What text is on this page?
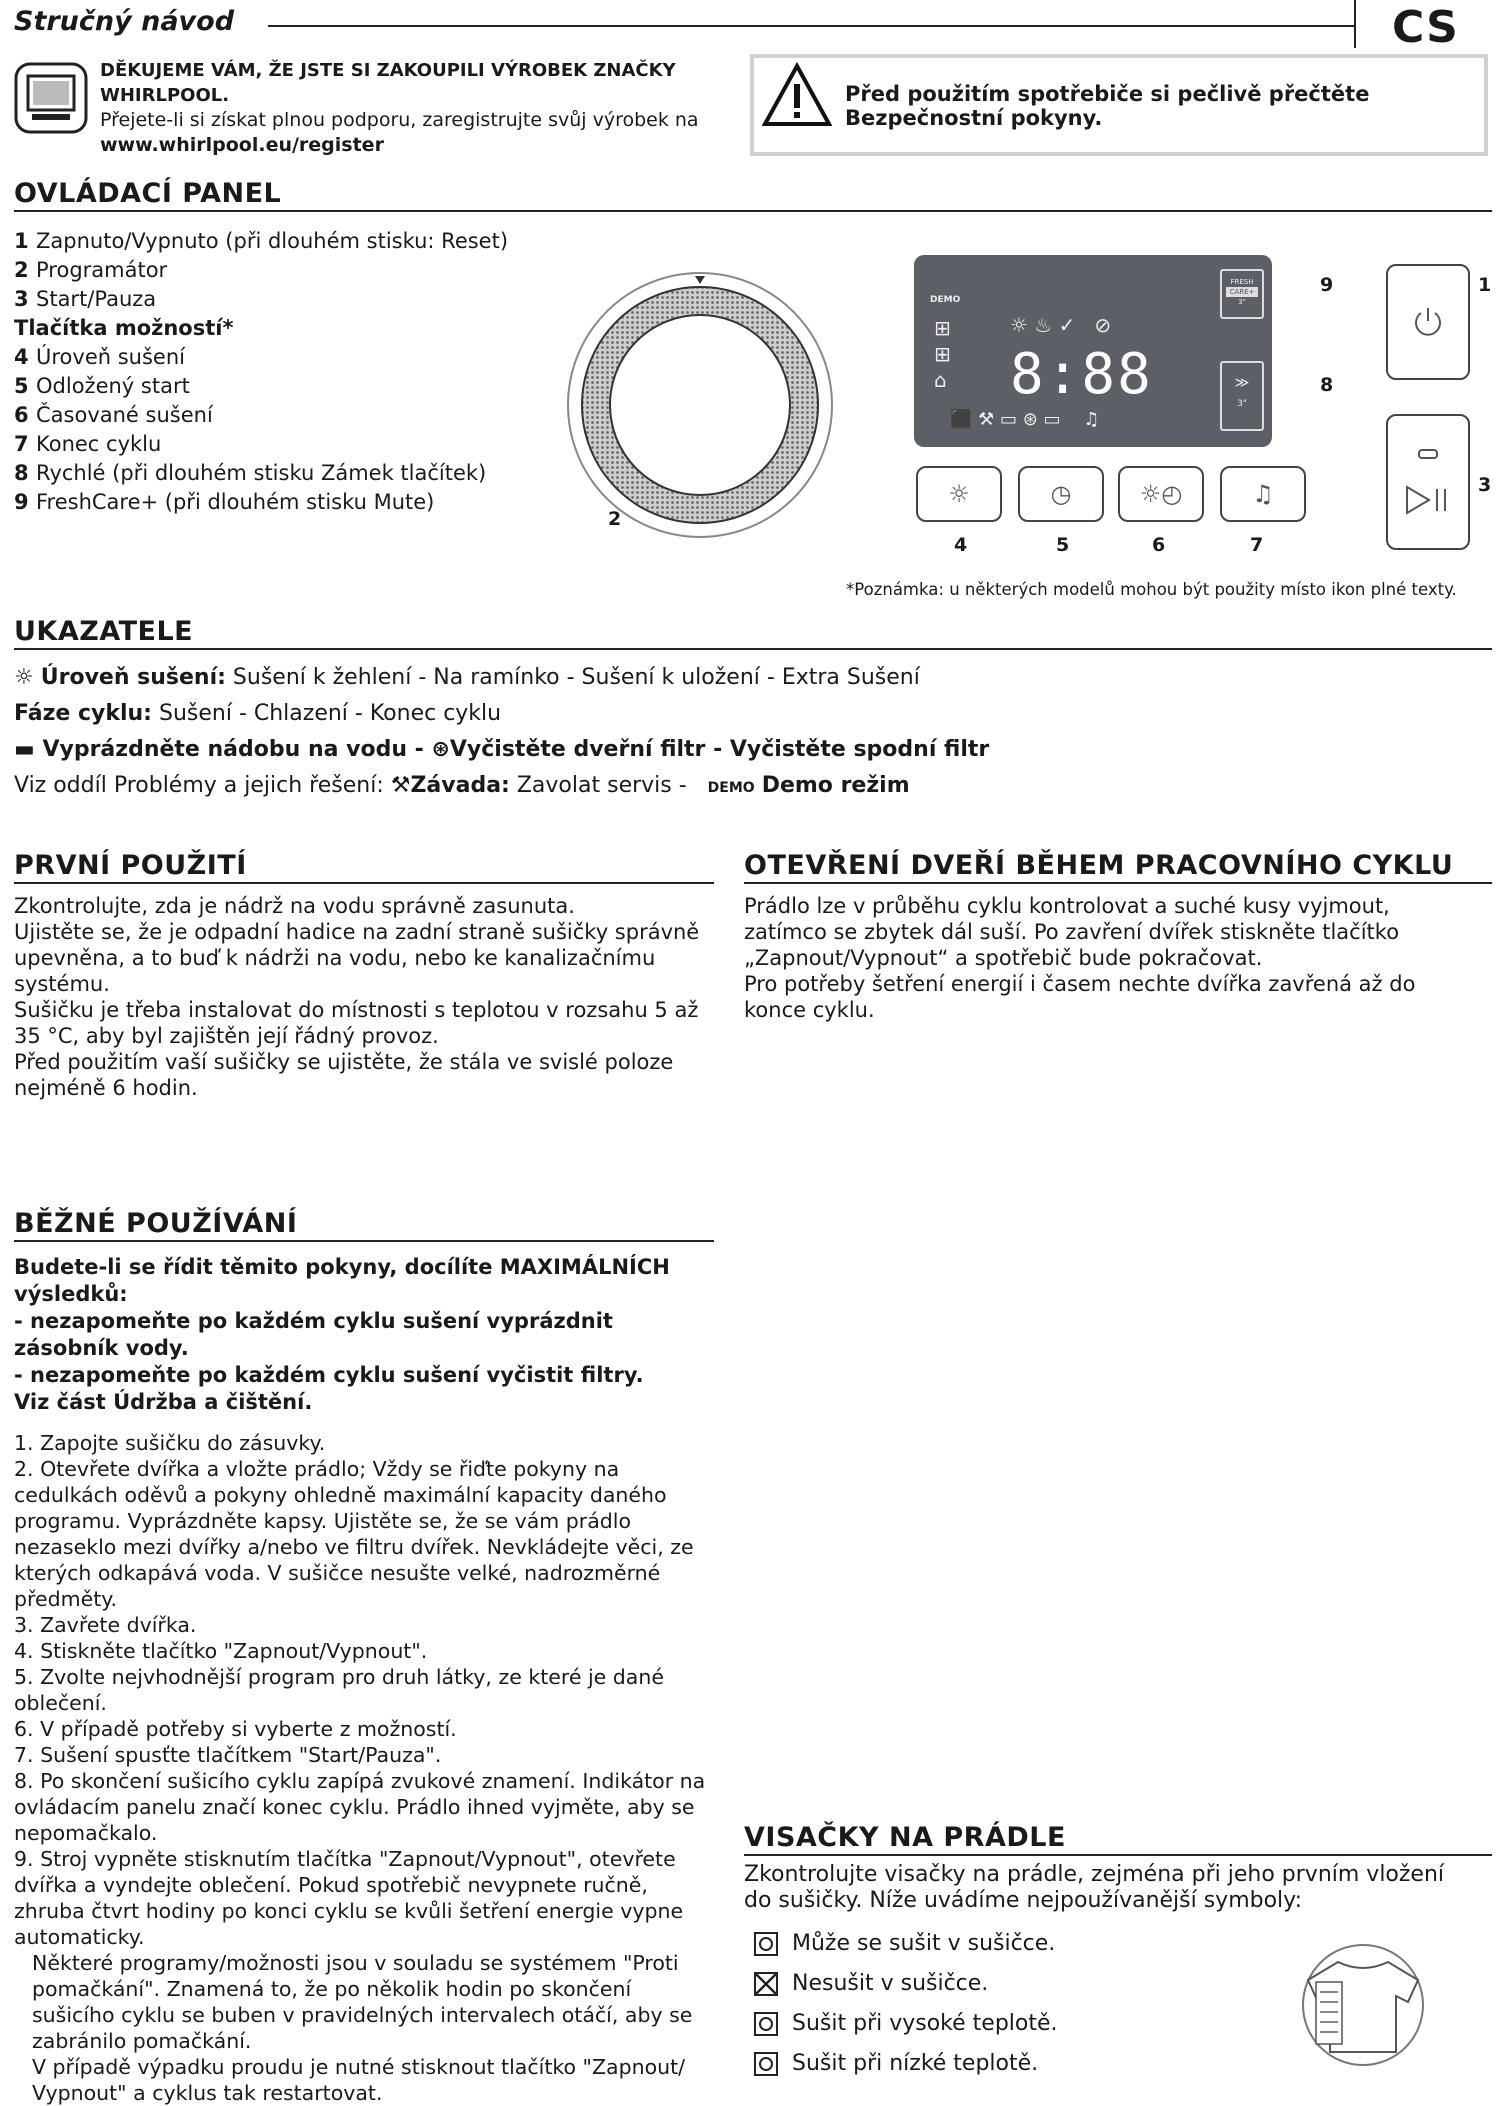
Stručný návod	CS
DĚKUJEME VÁM, ŽE JSTE SI ZAKOUPILI VÝROBEK ZNAČKY WHIRLPOOL.
Přejete-li si získat plnou podporu, zaregistrujte svůj výrobek na
www.whirlpool.eu/register
Před použitím spotřebiče si pečlivě přečtěte Bezpečnostní pokyny.
OVLÁDACÍ PANEL
1 Zapnuto/Vypnuto (při dlouhém stisku: Reset)
2 Programátor
3 Start/Pauza
Tlačítka možností*
4 Úroveň sušení
5 Odložený start
6 Časované sušení
7 Konec cyklu
8 Rychlé (při dlouhém stisku Zámek tlačítek)
9 FreshCare+ (při dlouhém stisku Mute)
2
DEMO
8:88
⊞
⊞
⌂
☼ ♨ ✓   ⊘
⬛ ⚒ ▭ ⊛ ▭    ♫
FRESH
CARE+
3"
≫
3"
9
8
1
3
☼	◷	☼◴	♫
4	5	6	7
*Poznámka: u některých modelů mohou být použity místo ikon plné texty.
UKAZATELE
☼ Úroveň sušení: Sušení k žehlení - Na ramínko - Sušení k uložení - Extra Sušení
Fáze cyklu: Sušení - Chlazení - Konec cyklu
▬ Vyprázdněte nádobu na vodu - ⊛Vyčistěte dveřní filtr - Vyčistěte spodní filtr
Viz oddíl Problémy a jejich řešení: ⚒Závada: Zavolat servis - DEMO Demo režim
PRVNÍ POUŽITÍ
Zkontrolujte, zda je nádrž na vodu správně zasunuta.
Ujistěte se, že je odpadní hadice na zadní straně sušičky správně upevněna, a to buď k nádrži na vodu, nebo ke kanalizačnímu systému.
Sušičku je třeba instalovat do místnosti s teplotou v rozsahu 5 až 35 °C, aby byl zajištěn její řádný provoz.
Před použitím vaší sušičky se ujistěte, že stála ve svislé poloze nejméně 6 hodin.
OTEVŘENÍ DVEŘÍ BĚHEM PRACOVNÍHO CYKLU
Prádlo lze v průběhu cyklu kontrolovat a suché kusy vyjmout, zatímco se zbytek dál suší. Po zavření dvířek stiskněte tlačítko „Zapnout/Vypnout“ a spotřebič bude pokračovat.
Pro potřeby šetření energií i časem nechte dvířka zavřená až do konce cyklu.
BĚŽNÉ POUŽÍVÁNÍ
Budete-li se řídit těmito pokyny, docílíte MAXIMÁLNÍCH výsledků:
- nezapomeňte po každém cyklu sušení vyprázdnit zásobník vody.
- nezapomeňte po každém cyklu sušení vyčistit filtry.
Viz část Údržba a čištění.
1. Zapojte sušičku do zásuvky.
2. Otevřete dvířka a vložte prádlo; Vždy se řiďte pokyny na cedulkách oděvů a pokyny ohledně maximální kapacity daného programu. Vyprázdněte kapsy. Ujistěte se, že se vám prádlo nezasеklo mezi dvířky a/nebo ve filtru dvířek. Nevkládejte věci, ze kterých odkapává voda. V sušičce nesušte velké, nadrozměrné předměty.
3. Zavřete dvířka.
4. Stiskněte tlačítko "Zapnout/Vypnout".
5. Zvolte nejvhodnější program pro druh látky, ze které je dané oblečení.
6. V případě potřeby si vyberte z možností.
7. Sušení spusťte tlačítkem "Start/Pauza".
8. Po skončení sušicího cyklu zapípá zvukové znamení. Indikátor na ovládacím panelu značí konec cyklu. Prádlo ihned vyjměte, aby se nepomačkalo.
9. Stroj vypněte stisknutím tlačítka "Zapnout/Vypnout", otevřete dvířka a vyndejte oblečení. Pokud spotřebič nevypnete ručně, zhruba čtvrt hodiny po konci cyklu se kvůli šetření energie vypne automaticky.
Některé programy/možnosti jsou v souladu se systémem "Proti pomačkání". Znamená to, že po několik hodin po skončení sušicího cyklu se buben v pravidelných intervalech otáčí, aby se zabránilo pomačkání.
V případě výpadku proudu je nutné stisknout tlačítko "Zapnout/ Vypnout" a cyklus tak restartovat.
VISAČKY NA PRÁDLE
Zkontrolujte visačky na prádle, zejména při jeho prvním vložení do sušičky. Níže uvádíme nejpoužívanější symboly:
Může se sušit v sušičce.
Nesušit v sušičce.
Sušit při vysoké teplotě.
Sušit při nízké teplotě.
